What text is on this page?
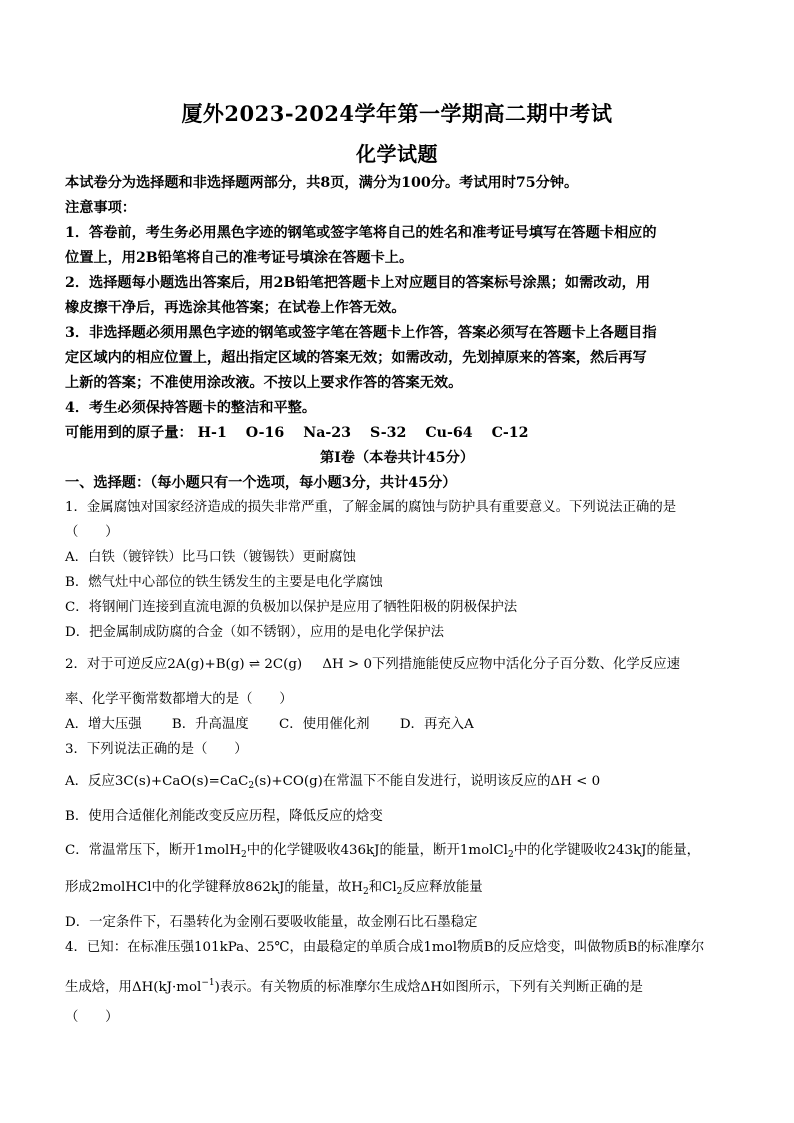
厦外2023-2024学年第一学期高二期中考试
化学试题
本试卷分为选择题和非选择题两部分，共8页，满分为100分。考试用时75分钟。
注意事项：
1．答卷前，考生务必用黑色字迹的钢笔或签字笔将自己的姓名和准考证号填写在答题卡相应的
位置上，用2B铅笔将自己的准考证号填涂在答题卡上。
2．选择题每小题选出答案后，用2B铅笔把答题卡上对应题目的答案标号涂黑；如需改动，用
橡皮擦干净后，再选涂其他答案；在试卷上作答无效。
3．非选择题必须用黑色字迹的钢笔或签字笔在答题卡上作答，答案必须写在答题卡上各题目指
定区域内的相应位置上，超出指定区域的答案无效；如需改动，先划掉原来的答案，然后再写
上新的答案；不准使用涂改液。不按以上要求作答的答案无效。
4．考生必须保持答题卡的整洁和平整。
可能用到的原子量： H-1 O-16 Na-23 S-32 Cu-64 C-12
第Ⅰ卷（本卷共计45分）
一、选择题：（每小题只有一个选项，每小题3分，共计45分）
1．金属腐蚀对国家经济造成的损失非常严重，了解金属的腐蚀与防护具有重要意义。下列说法正确的是
（　　）
A．白铁（镀锌铁）比马口铁（镀锡铁）更耐腐蚀
B．燃气灶中心部位的铁生锈发生的主要是电化学腐蚀
C．将钢闸门连接到直流电源的负极加以保护是应用了牺牲阳极的阴极保护法
D．把金属制成防腐的合金（如不锈钢），应用的是电化学保护法
2．对于可逆反应2A(g)+B(g) ⇌ 2C(g) ΔH > 0下列措施能使反应物中活化分子百分数、化学反应速
率、化学平衡常数都增大的是（　　）
A．增大压强 B．升高温度 C．使用催化剂 D．再充入A
3．下列说法正确的是（　　）
A．反应3C(s)+CaO(s)=CaC$_2$(s)+CO(g)在常温下不能自发进行，说明该反应的ΔH < 0
B．使用合适催化剂能改变反应历程，降低反应的焓变
C．常温常压下，断开1molH$_2$中的化学键吸收436kJ的能量，断开1molCl$_2$中的化学键吸收243kJ的能量，
形成2molHCl中的化学键释放862kJ的能量，故$H_2$和$Cl_2$反应释放能量
D．一定条件下，石墨转化为金刚石要吸收能量，故金刚石比石墨稳定
4．已知：在标准压强101kPa、25℃，由最稳定的单质合成1mol物质B的反应焓变，叫做物质B的标准摩尔
生成焓，用ΔH(kJ·mol$^{-1}$)表示。有关物质的标准摩尔生成焓ΔH如图所示，下列有关判断正确的是
（　　）
